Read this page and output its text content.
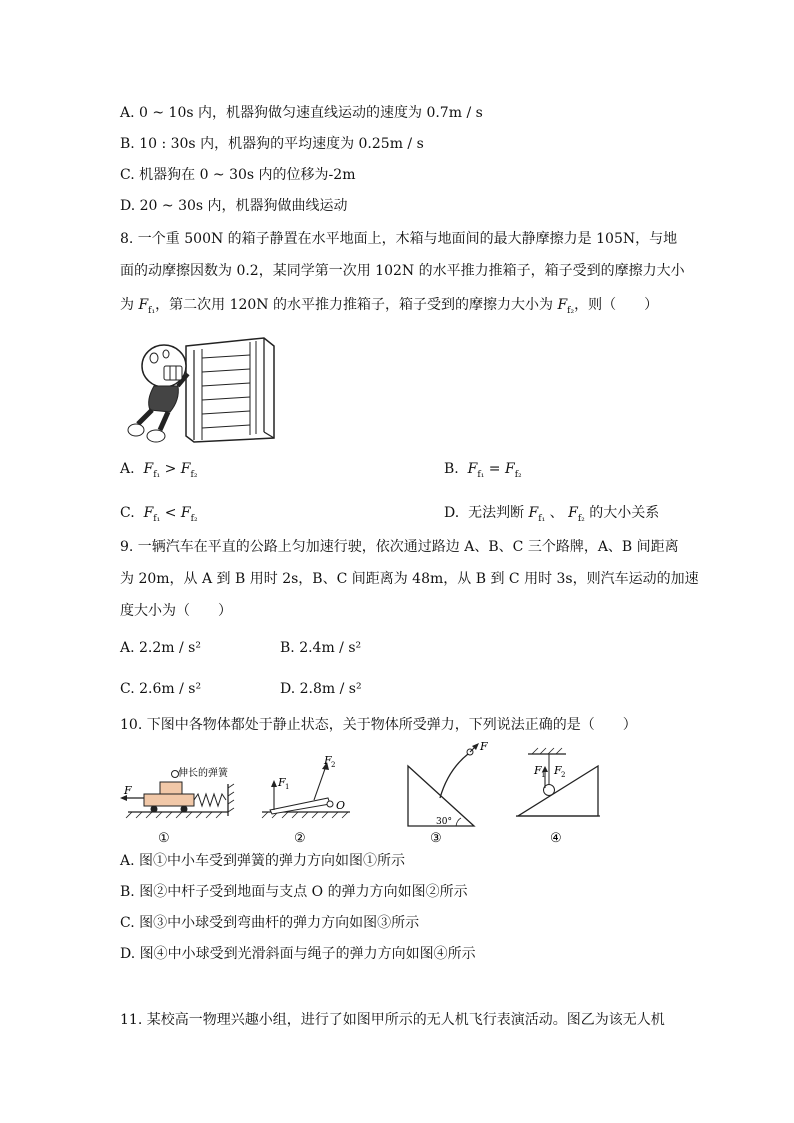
A. 0 ~ 10s 内，机器狗做匀速直线运动的速度为 0.7m / s
B. 10 : 30s 内，机器狗的平均速度为 0.25m / s
C. 机器狗在 0 ~ 30s 内的位移为-2m
D. 20 ~ 30s 内，机器狗做曲线运动
8. 一个重 500N 的箱子静置在水平地面上，木箱与地面间的最大静摩擦力是 105N，与地
面的动摩擦因数为 0.2，某同学第一次用 102N 的水平推力推箱子，箱子受到的摩擦力大小
为 $F_{f_1}$，第二次用 120N 的水平推力推箱子，箱子受到的摩擦力大小为 $F_{f_2}$，则（　　）
A. $F_{f_1} > F_{f_2}$	B. $F_{f_1} = F_{f_2}$
C. $F_{f_1} < F_{f_2}$	D. 无法判断 $F_{f_1}$ 、 $F_{f_2}$ 的大小关系
9. 一辆汽车在平直的公路上匀加速行驶，依次通过路边 A、B、C 三个路牌，A、B 间距离
为 20m，从 A 到 B 用时 2s，B、C 间距离为 48m，从 B 到 C 用时 3s，则汽车运动的加速
度大小为（　　）
A. 2.2m / s²	B. 2.4m / s²
C. 2.6m / s²	D. 2.8m / s²
10. 下图中各物体都处于静止状态，关于物体所受弹力，下列说法正确的是（　　）
F
伸长的弹簧
①
F 1
F 2
O
②
F
30°
③
F 1 F 2
④
A. 图①中小车受到弹簧的弹力方向如图①所示
B. 图②中杆子受到地面与支点 O 的弹力方向如图②所示
C. 图③中小球受到弯曲杆的弹力方向如图③所示
D. 图④中小球受到光滑斜面与绳子的弹力方向如图④所示
11. 某校高一物理兴趣小组，进行了如图甲所示的无人机飞行表演活动。图乙为该无人机
